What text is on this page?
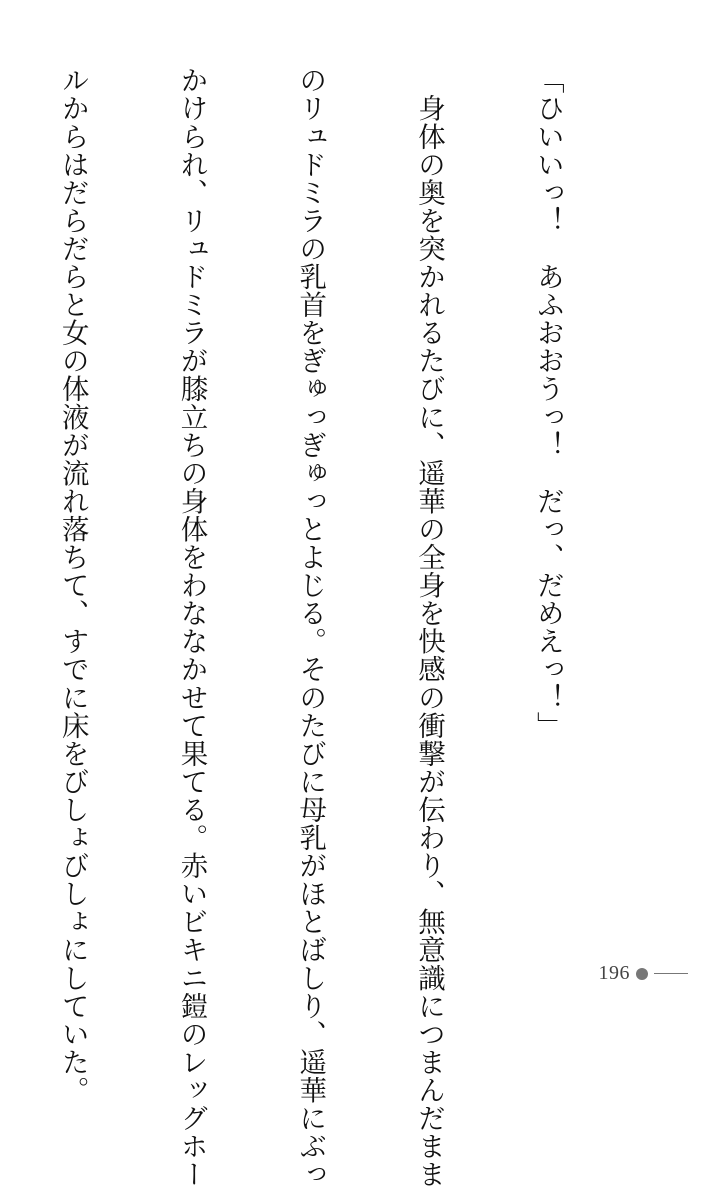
「ひいいっ！　あふおおうっ！　だっ、だめえっ！」

　身体の奥を突かれるたびに、遥華の全身を快感の衝撃が伝わり、無意識につまんだまま

のリュドミラの乳首をぎゅっぎゅっとよじる。そのたびに母乳がほとばしり、遥華にぶっ

かけられ、リュドミラが膝立ちの身体をわななかせて果てる。赤いビキニ鎧のレッグホー

ルからはだらだらと女の体液が流れ落ちて、すでに床をびしょびしょにしていた。

	196
